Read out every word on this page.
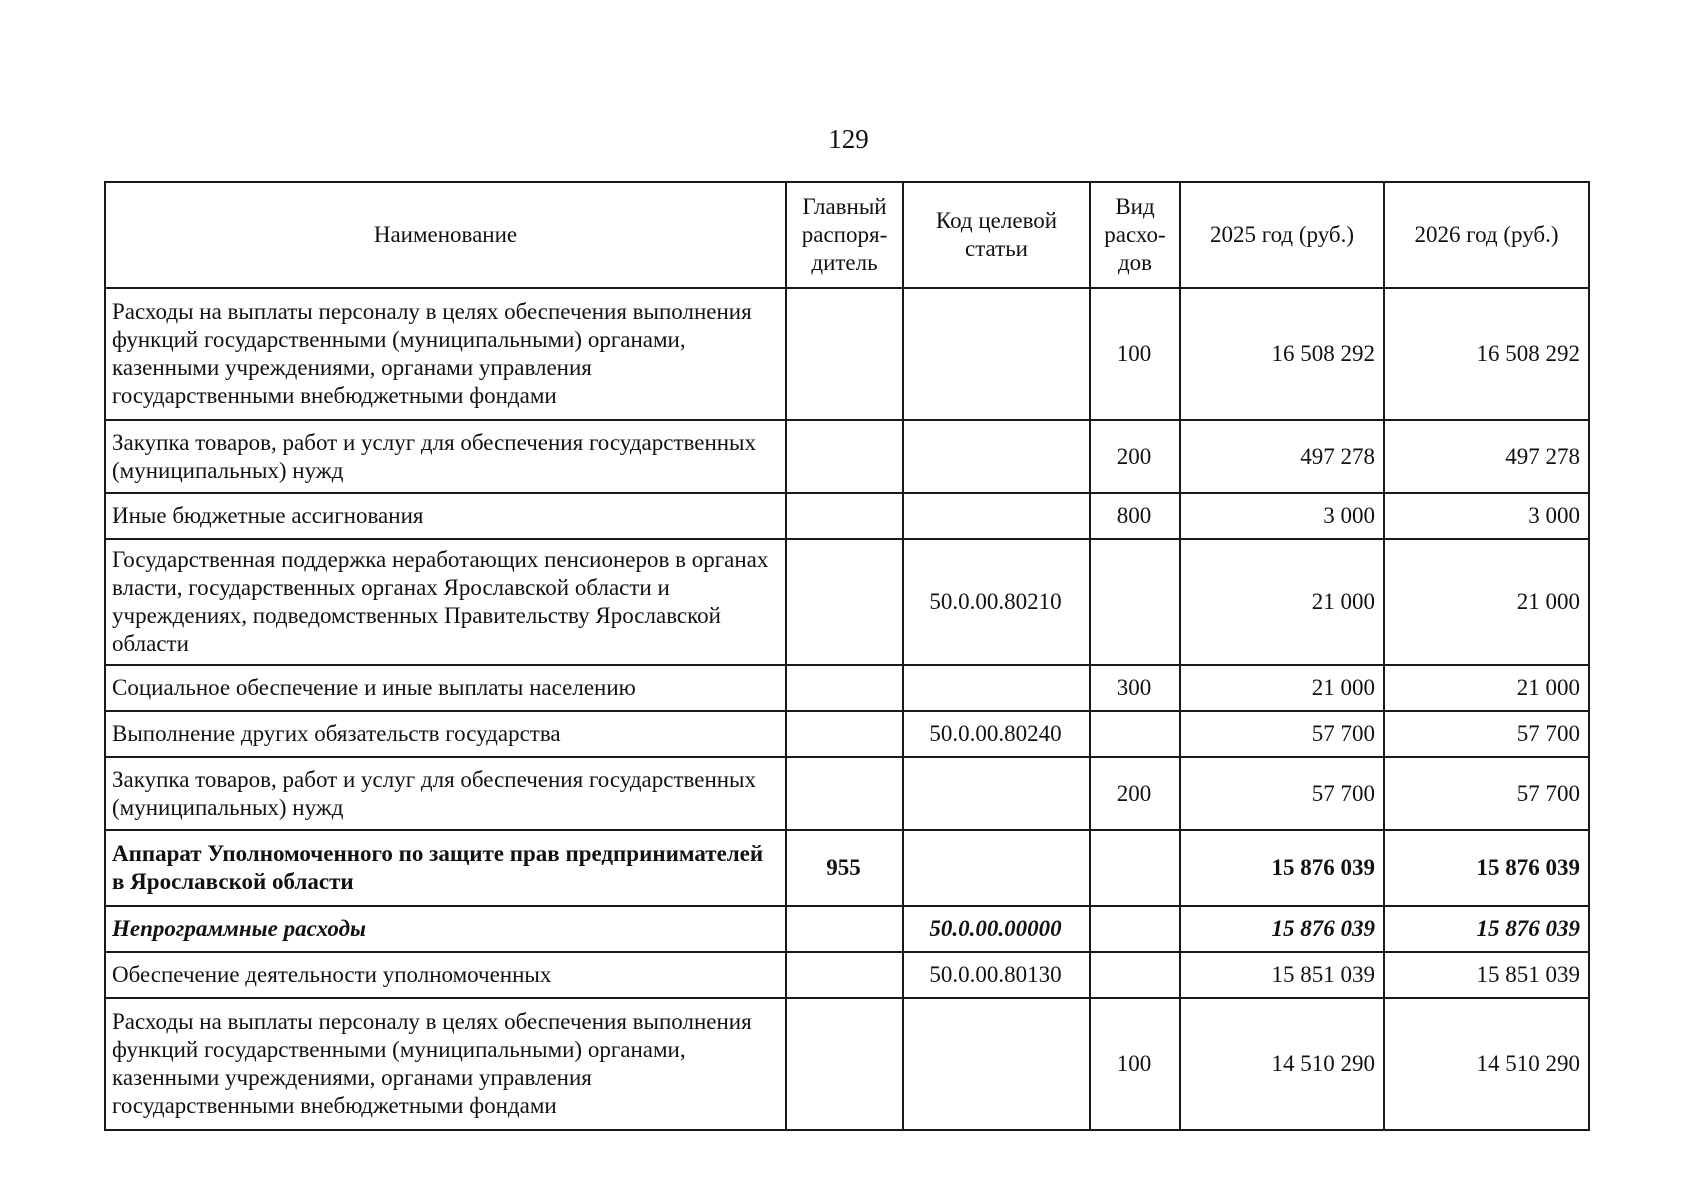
129
Наименование	Главный распоря-дитель	Код целевой статьи	Вид расхо-дов	2025 год (руб.)	2026 год (руб.)
Расходы на выплаты персоналу в целях обеспечения выполнения функций государственными (муниципальными) органами, казенными учреждениями, органами управления государственными внебюджетными фондами			100	16 508 292	16 508 292
Закупка товаров, работ и услуг для обеспечения государственных (муниципальных) нужд			200	497 278	497 278
Иные бюджетные ассигнования			800	3 000	3 000
Государственная поддержка неработающих пенсионеров в органах власти, государственных органах Ярославской области и учреждениях, подведомственных Правительству Ярославской области		50.0.00.80210		21 000	21 000
Социальное обеспечение и иные выплаты населению			300	21 000	21 000
Выполнение других обязательств государства		50.0.00.80240		57 700	57 700
Закупка товаров, работ и услуг для обеспечения государственных (муниципальных) нужд			200	57 700	57 700
Аппарат Уполномоченного по защите прав предпринимателей в Ярославской области	955			15 876 039	15 876 039
Непрограммные расходы		50.0.00.00000		15 876 039	15 876 039
Обеспечение деятельности уполномоченных		50.0.00.80130		15 851 039	15 851 039
Расходы на выплаты персоналу в целях обеспечения выполнения функций государственными (муниципальными) органами, казенными учреждениями, органами управления государственными внебюджетными фондами			100	14 510 290	14 510 290
